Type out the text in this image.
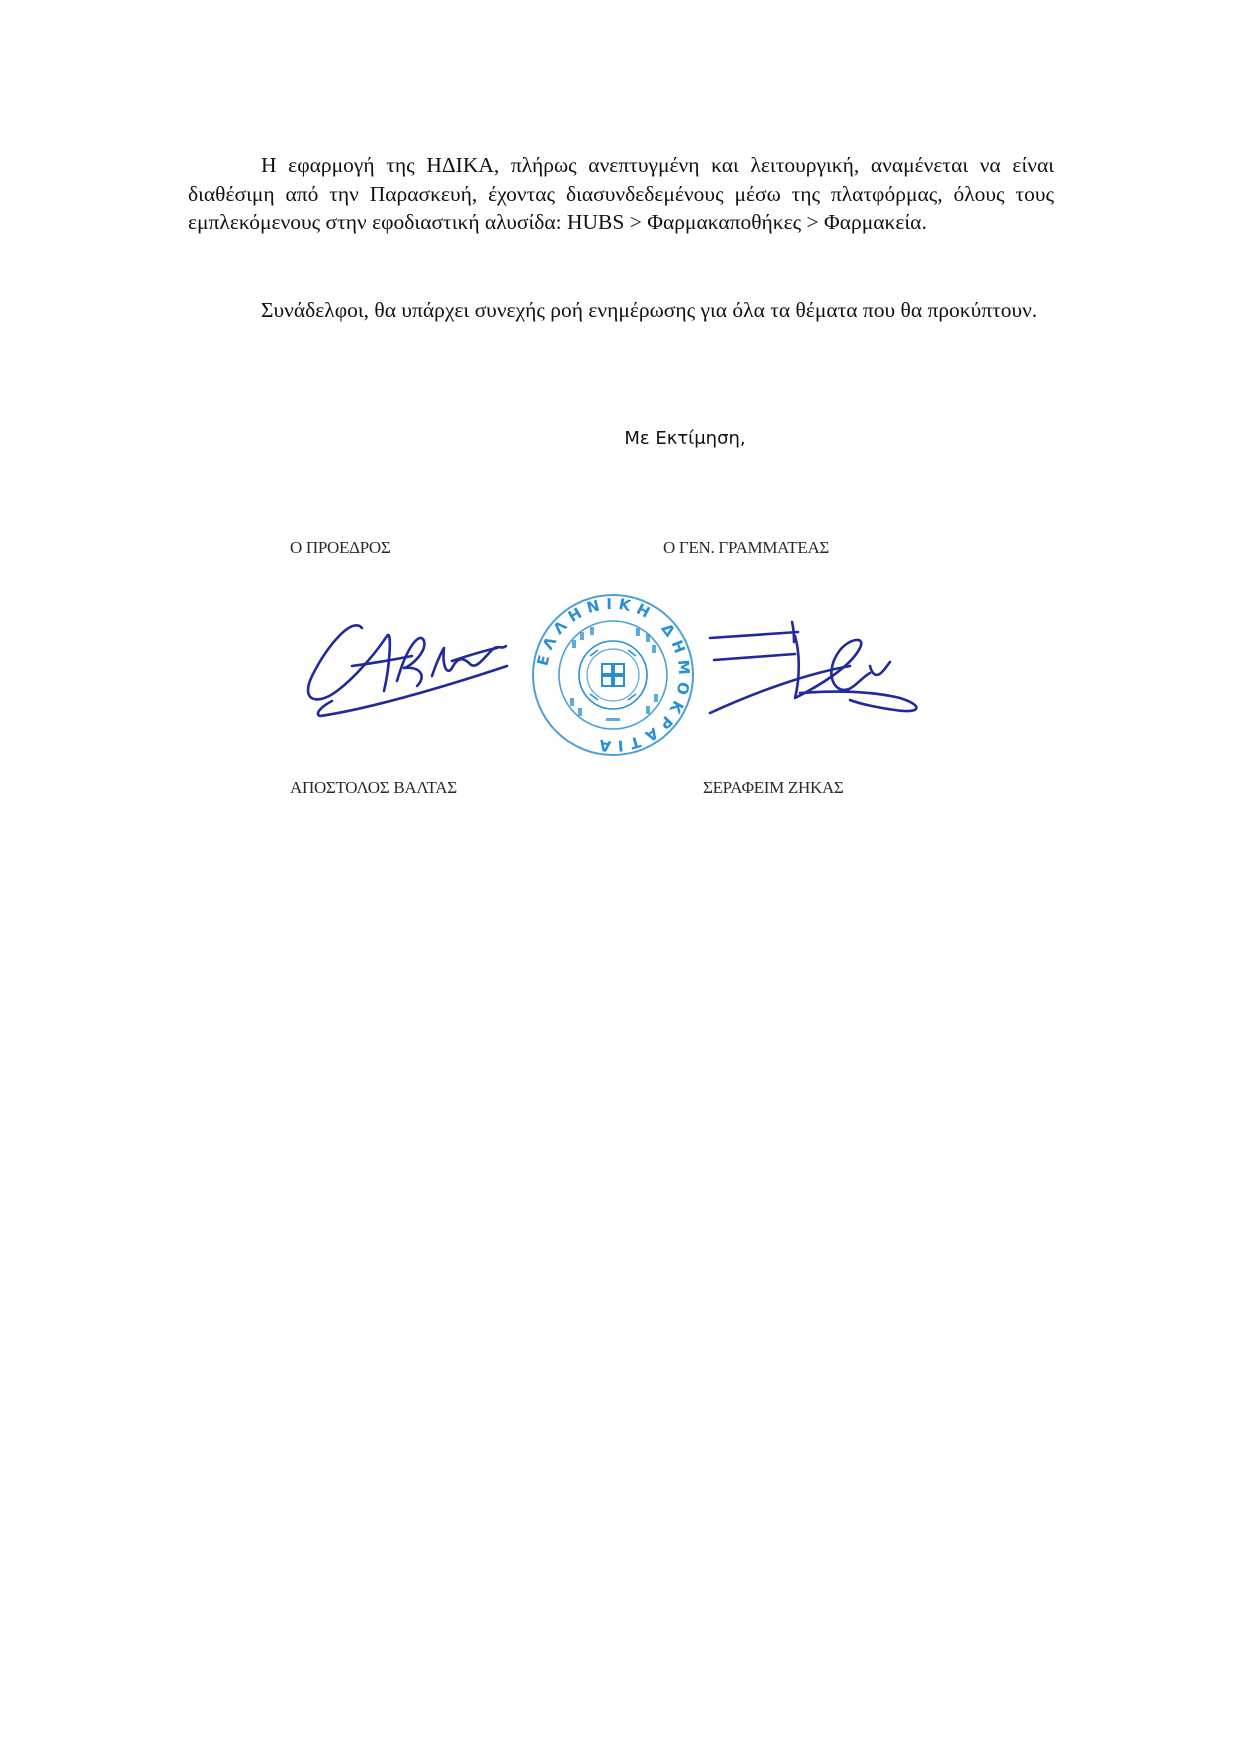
Η εφαρμογή της ΗΔΙΚΑ, πλήρως ανεπτυγμένη και λειτουργική, αναμένεται να είναι διαθέσιμη από την Παρασκευή, έχοντας διασυνδεδεμένους μέσω της πλατφόρμας, όλους τους εμπλεκόμενους στην εφοδιαστική αλυσίδα: HUBS > Φαρμακαποθήκες > Φαρμακεία.

Συνάδελφοι, θα υπάρχει συνεχής ροή ενημέρωσης για όλα τα θέματα που θα προκύπτουν.

Με Εκτίμηση,
Ο ΠΡΟΕΔΡΟΣ	Ο ΓΕΝ. ΓΡΑΜΜΑΤΕΑΣ
ΕΛΛΗΝΙΚΗ ΔΗΜΟΚΡΑΤΙΑ
ΑΠΟΣΤΟΛΟΣ ΒΑΛΤΑΣ	ΣΕΡΑΦΕΙΜ ΖΗΚΑΣ
